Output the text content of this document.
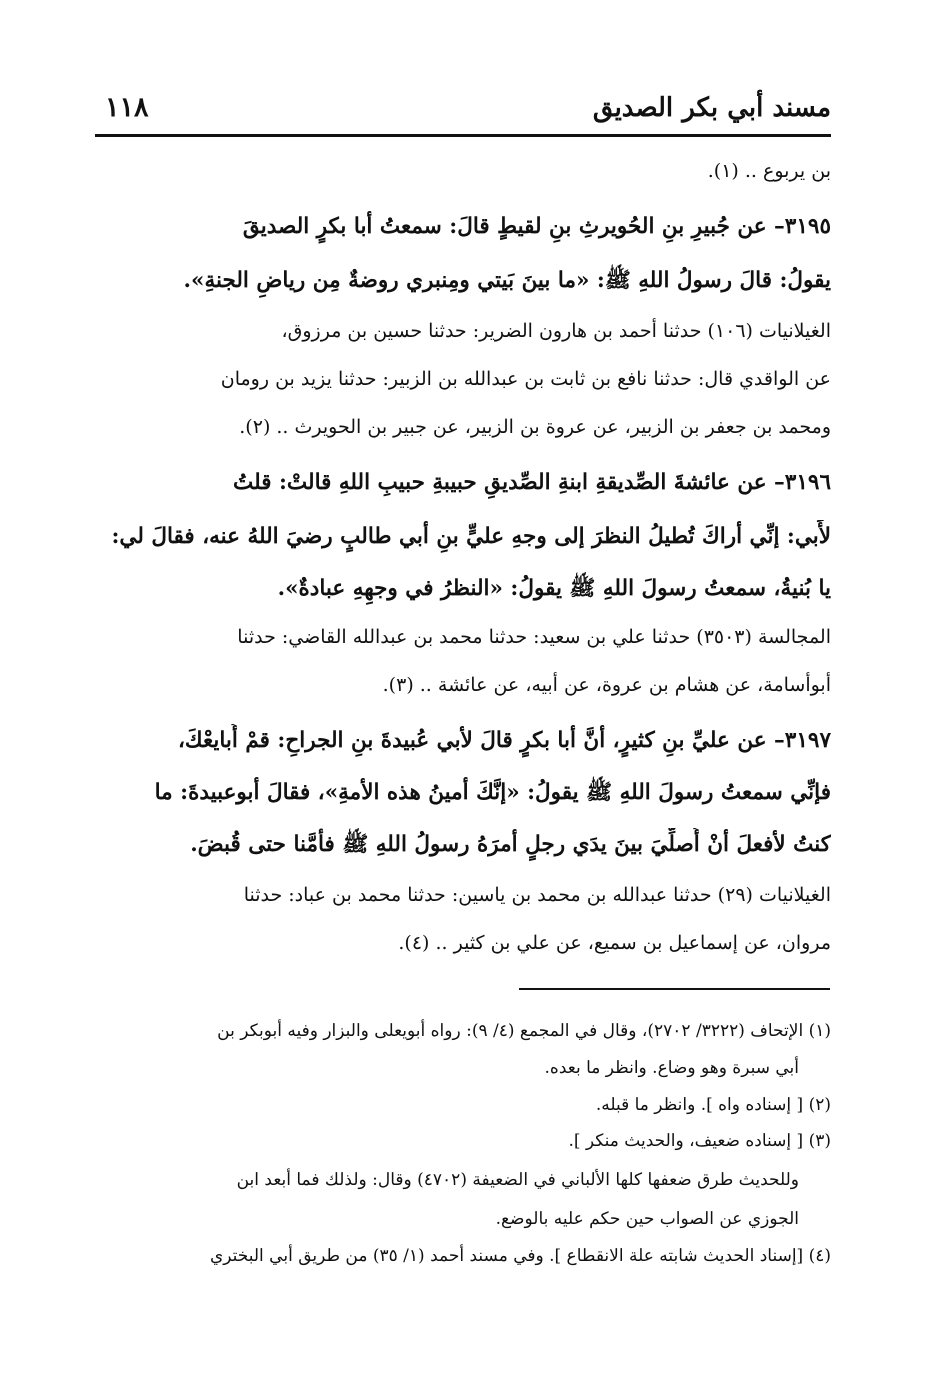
مسند أبي بكر الصديق
١١٨
بن يربوع .. (١).
٣١٩٥– عن جُبيرِ بنِ الحُويرثِ بنِ لقيطٍ قالَ: سمعتُ أبا بكرٍ الصديقَ
يقولُ: قالَ رسولُ اللهِ ﷺ: «ما بينَ بَيتي ومِنبري روضةٌ مِن رياضِ الجنةِ».
الغيلانيات (١٠٦) حدثنا أحمد بن هارون الضرير: حدثنا حسين بن مرزوق،
عن الواقدي قال: حدثنا نافع بن ثابت بن عبدالله بن الزبير: حدثنا يزيد بن رومان
ومحمد بن جعفر بن الزبير، عن عروة بن الزبير، عن جبير بن الحويرث .. (٢).
٣١٩٦– عن عائشةَ الصِّديقةِ ابنةِ الصِّديقِ حبيبةِ حبيبِ اللهِ قالتْ: قلتُ
لأَبي: إنِّي أراكَ تُطيلُ النظرَ إلى وجهِ عليٍّ بنِ أبي طالبٍ رضيَ اللهُ عنه، فقالَ لي:
يا بُنيةُ، سمعتُ رسولَ اللهِ ﷺ يقولُ: «النظرُ في وجهِهِ عبادةٌ».
المجالسة (٣٥٠٣) حدثنا علي بن سعيد: حدثنا محمد بن عبدالله القاضي: حدثنا
أبوأسامة، عن هشام بن عروة، عن أبيه، عن عائشة .. (٣).
٣١٩٧– عن عليِّ بنِ كثيرٍ، أنَّ أبا بكرٍ قالَ لأبي عُبيدةَ بنِ الجراحِ: قمْ أُبايعْكَ،
فإنِّي سمعتُ رسولَ اللهِ ﷺ يقولُ: «إنَّكَ أمينُ هذه الأمةِ»، فقالَ أبوعبيدةَ: ما
كنتُ لأفعلَ أنْ أُصلِّيَ بينَ يدَي رجلٍ أمرَهُ رسولُ اللهِ ﷺ فأمَّنا حتى قُبضَ.
الغيلانيات (٢٩) حدثنا عبدالله بن محمد بن ياسين: حدثنا محمد بن عباد: حدثنا
مروان، عن إسماعيل بن سميع، عن علي بن كثير .. (٤).
(١) الإتحاف (٣٢٢٢/ ٢٧٠٢)، وقال في المجمع (٤/ ٩): رواه أبويعلى والبزار وفيه أبوبكر بن
أبي سبرة وهو وضاع. وانظر ما بعده.
(٢) [ إسناده واه ]. وانظر ما قبله.
(٣) [ إسناده ضعيف، والحديث منكر ].
وللحديث طرق ضعفها كلها الألباني في الضعيفة (٤٧٠٢) وقال: ولذلك فما أبعد ابن
الجوزي عن الصواب حين حكم عليه بالوضع.
(٤) [إسناد الحديث شابته علة الانقطاع ]. وفي مسند أحمد (١/ ٣٥) من طريق أبي البختري
